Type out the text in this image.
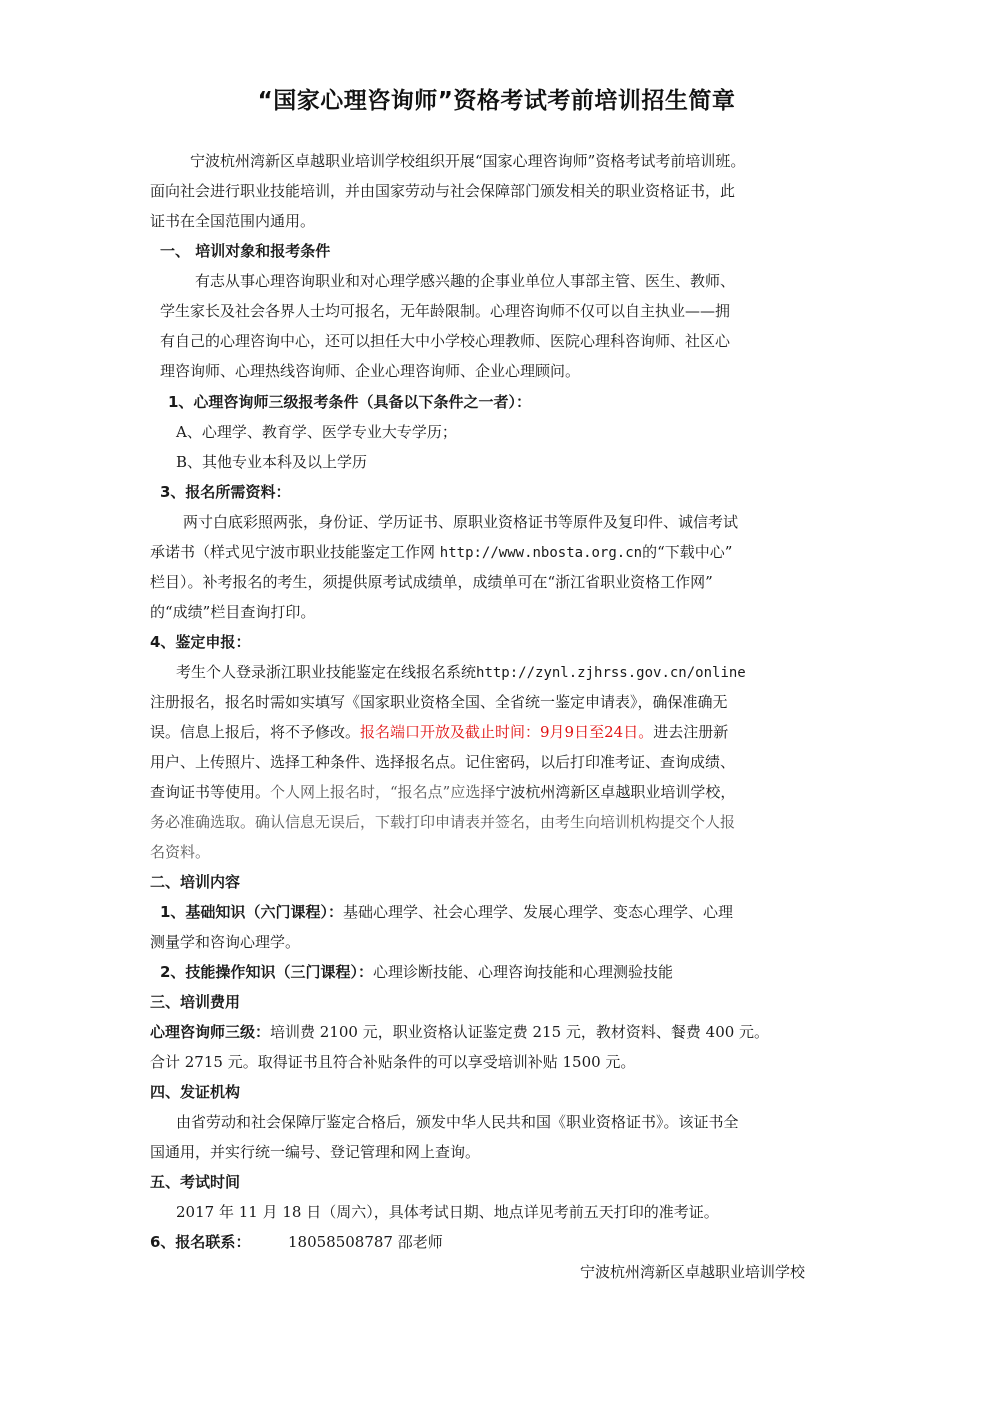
“国家心理咨询师”资格考试考前培训招生简章
宁波杭州湾新区卓越职业培训学校组织开展“国家心理咨询师”资格考试考前培训班。
面向社会进行职业技能培训，并由国家劳动与社会保障部门颁发相关的职业资格证书，此
证书在全国范围内通用。
一、 培训对象和报考条件
有志从事心理咨询职业和对心理学感兴趣的企事业单位人事部主管、医生、教师、
学生家长及社会各界人士均可报名，无年龄限制。心理咨询师不仅可以自主执业——拥
有自己的心理咨询中心，还可以担任大中小学校心理教师、医院心理科咨询师、社区心
理咨询师、心理热线咨询师、企业心理咨询师、企业心理顾问。
1、心理咨询师三级报考条件（具备以下条件之一者）：
A、心理学、教育学、医学专业大专学历；
B、其他专业本科及以上学历
3、报名所需资料：
两寸白底彩照两张，身份证、学历证书、原职业资格证书等原件及复印件、诚信考试
承诺书（样式见宁波市职业技能鉴定工作网 http://www.nbosta.org.cn的“下载中心”
栏目）。补考报名的考生，须提供原考试成绩单，成绩单可在“浙江省职业资格工作网”
的“成绩”栏目查询打印。
4、鉴定申报：
考生个人登录浙江职业技能鉴定在线报名系统http://zynl.zjhrss.gov.cn/online
注册报名，报名时需如实填写《国家职业资格全国、全省统一鉴定申请表》，确保准确无
误。信息上报后，将不予修改。报名端口开放及截止时间：9月9日至24日。进去注册新
用户、上传照片、选择工种条件、选择报名点。记住密码，以后打印准考证、查询成绩、
查询证书等使用。个人网上报名时，“报名点”应选择宁波杭州湾新区卓越职业培训学校，
务必准确选取。确认信息无误后，下载打印申请表并签名，由考生向培训机构提交个人报
名资料。
二、培训内容
1、基础知识（六门课程）：基础心理学、社会心理学、发展心理学、变态心理学、心理
测量学和咨询心理学。
2、技能操作知识（三门课程）：心理诊断技能、心理咨询技能和心理测验技能
三、培训费用
心理咨询师三级：培训费 2100 元，职业资格认证鉴定费 215 元，教材资料、餐费 400 元。
合计 2715 元。取得证书且符合补贴条件的可以享受培训补贴 1500 元。
四、发证机构
由省劳动和社会保障厅鉴定合格后，颁发中华人民共和国《职业资格证书》。该证书全
国通用，并实行统一编号、登记管理和网上查询。
五、考试时间
2017 年 11 月 18 日（周六），具体考试日期、地点详见考前五天打印的准考证。
6、报名联系：	18058508787 邵老师
宁波杭州湾新区卓越职业培训学校
